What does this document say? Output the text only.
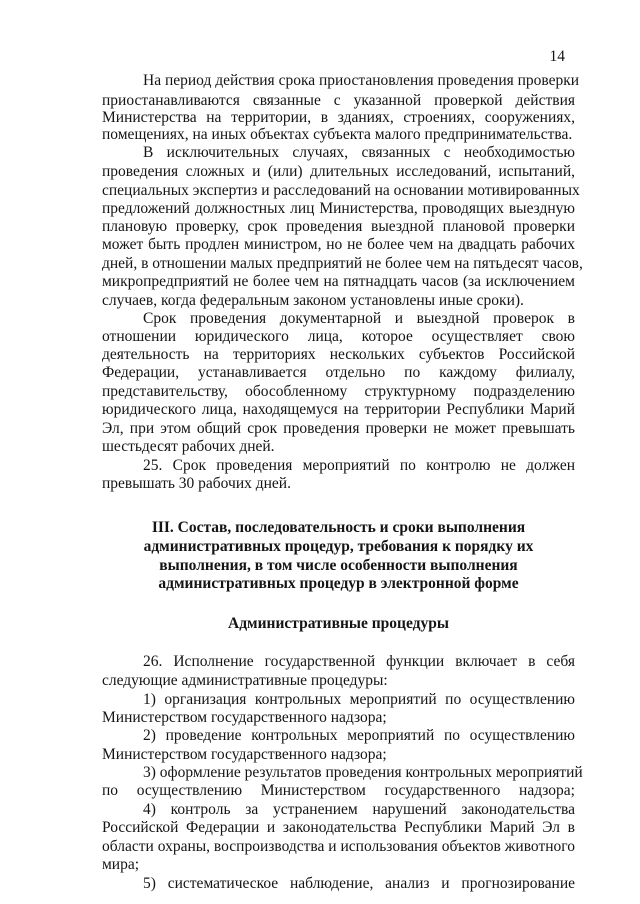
14
На период действия срока приостановления проведения проверки
приостанавливаются связанные с указанной проверкой действия
Министерства на территории, в зданиях, строениях, сооружениях,
помещениях, на иных объектах субъекта малого предпринимательства.
В исключительных случаях, связанных с необходимостью
проведения сложных и (или) длительных исследований, испытаний,
специальных экспертиз и расследований на основании мотивированных
предложений должностных лиц Министерства, проводящих выездную
плановую проверку, срок проведения выездной плановой проверки
может быть продлен министром, но не более чем на двадцать рабочих
дней, в отношении малых предприятий не более чем на пятьдесят часов,
микропредприятий не более чем на пятнадцать часов (за исключением
случаев, когда федеральным законом установлены иные сроки).
Срок проведения документарной и выездной проверок в
отношении юридического лица, которое осуществляет свою
деятельность на территориях нескольких субъектов Российской
Федерации, устанавливается отдельно по каждому филиалу,
представительству, обособленному структурному подразделению
юридического лица, находящемуся на территории Республики Марий
Эл, при этом общий срок проведения проверки не может превышать
шестьдесят рабочих дней.
25. Срок проведения мероприятий по контролю не должен
превышать 30 рабочих дней.
III. Состав, последовательность и сроки выполнения
административных процедур, требования к порядку их
выполнения, в том числе особенности выполнения
административных процедур в электронной форме
Административные процедуры
26. Исполнение государственной функции включает в себя
следующие административные процедуры:
1) организация контрольных мероприятий по осуществлению
Министерством государственного надзора;
2) проведение контрольных мероприятий по осуществлению
Министерством государственного надзора;
3) оформление результатов проведения контрольных мероприятий
по осуществлению Министерством государственного надзора;
4) контроль за устранением нарушений законодательства
Российской Федерации и законодательства Республики Марий Эл в
области охраны, воспроизводства и использования объектов животного
мира;
5) систематическое наблюдение, анализ и прогнозирование
